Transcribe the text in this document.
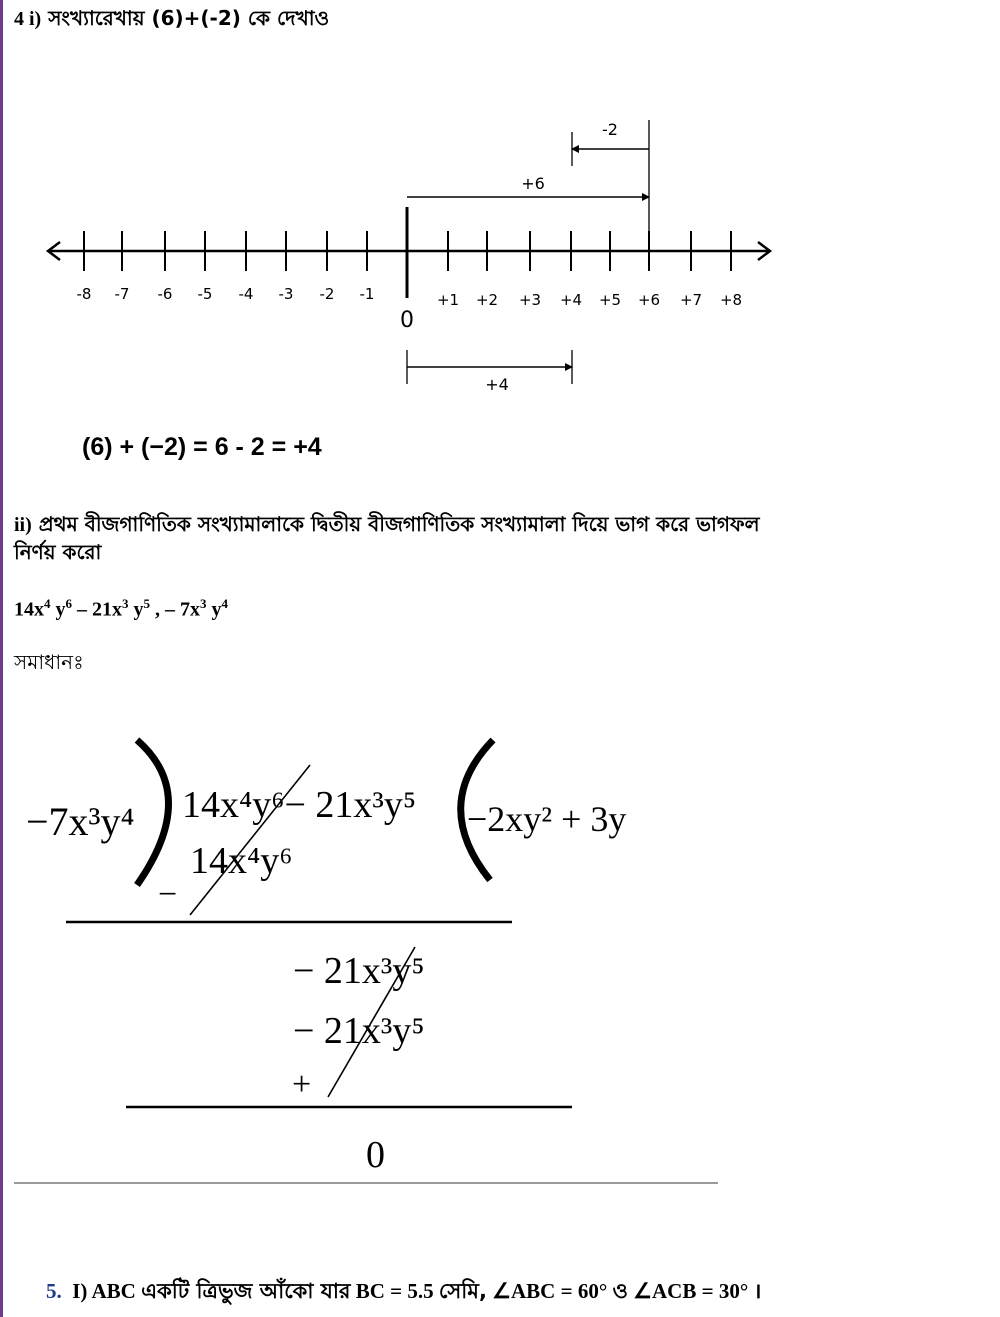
4 i) সংখ্যারেখায় (6)+(-2) কে দেখাও
+6
-2
+4
0
-8 -7 -6 -5 -4 -3 -2 -1	+1 +2 +3 +4 +5 +6 +7 +8
(6) + (−2) = 6 - 2 = +4
ii) প্রথম বীজগাণিতিক সংখ্যামালাকে দ্বিতীয় বীজগাণিতিক সংখ্যামালা দিয়ে ভাগ করে ভাগফল
নির্ণয় করো
$14x^4$ $y^6 - 21x^3$ $y^5$ , – $7x^3$ $y^4$
সমাধানঃ
−7x³y⁴ 14x⁴y⁶− 21x³y⁵ −2xy² + 3y
14x⁴y⁶
−
− 21x³y⁵
− 21x³y⁵
+
0
5. I) ABC একটি ত্রিভুজ আঁকো যার BC = 5.5 সেমি, ∠ABC = 60° ও ∠ACB = 30° ।
